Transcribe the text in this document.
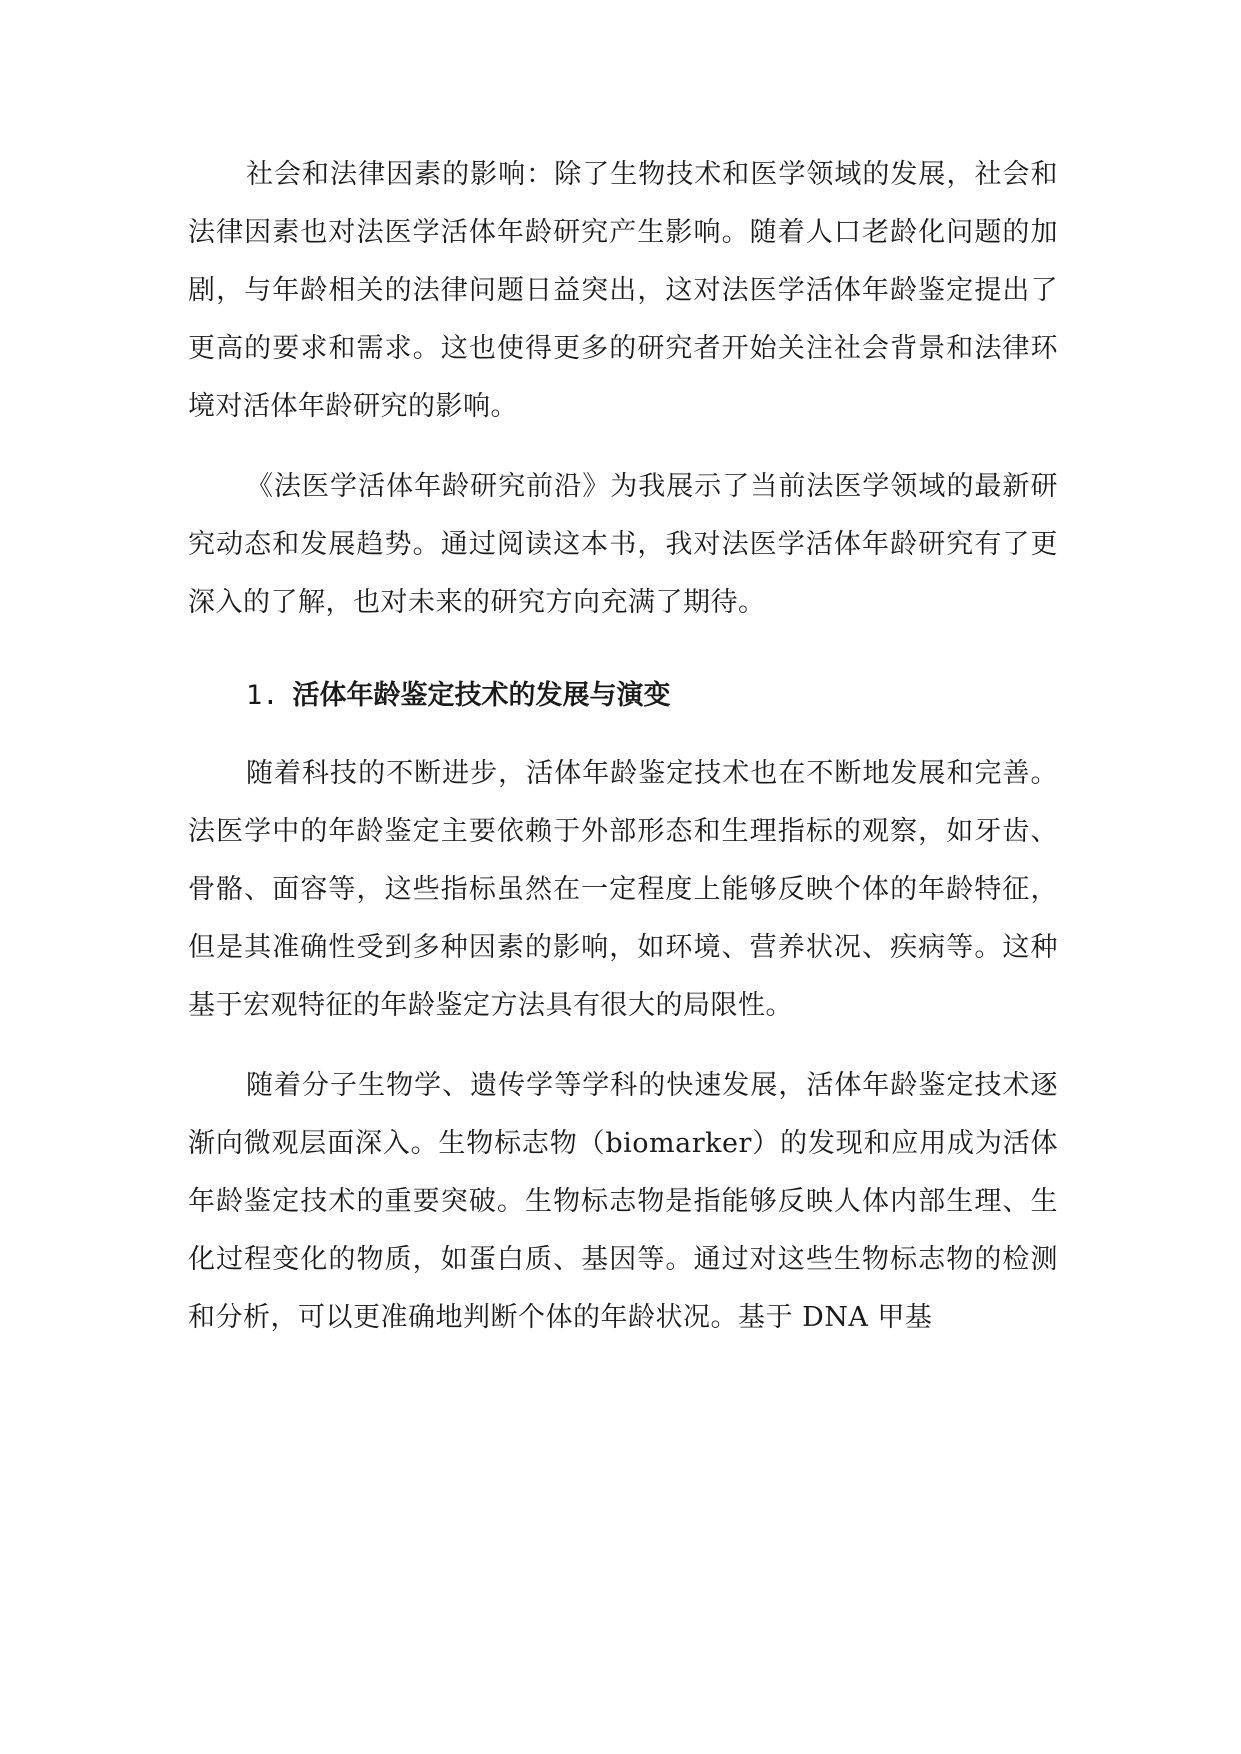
社会和法律因素的影响：除了生物技术和医学领域的发展，社会和法律因素也对法医学活体年龄研究产生影响。随着人口老龄化问题的加剧，与年龄相关的法律问题日益突出，这对法医学活体年龄鉴定提出了更高的要求和需求。这也使得更多的研究者开始关注社会背景和法律环境对活体年龄研究的影响。

《法医学活体年龄研究前沿》为我展示了当前法医学领域的最新研究动态和发展趋势。通过阅读这本书，我对法医学活体年龄研究有了更深入的了解，也对未来的研究方向充满了期待。

1. 活体年龄鉴定技术的发展与演变

随着科技的不断进步，活体年龄鉴定技术也在不断地发展和完善。法医学中的年龄鉴定主要依赖于外部形态和生理指标的观察，如牙齿、骨骼、面容等，这些指标虽然在一定程度上能够反映个体的年龄特征，但是其准确性受到多种因素的影响，如环境、营养状况、疾病等。这种基于宏观特征的年龄鉴定方法具有很大的局限性。

随着分子生物学、遗传学等学科的快速发展，活体年龄鉴定技术逐渐向微观层面深入。生物标志物（biomarker）的发现和应用成为活体年龄鉴定技术的重要突破。生物标志物是指能够反映人体内部生理、生化过程变化的物质，如蛋白质、基因等。通过对这些生物标志物的检测和分析，可以更准确地判断个体的年龄状况。基于 DNA 甲基
